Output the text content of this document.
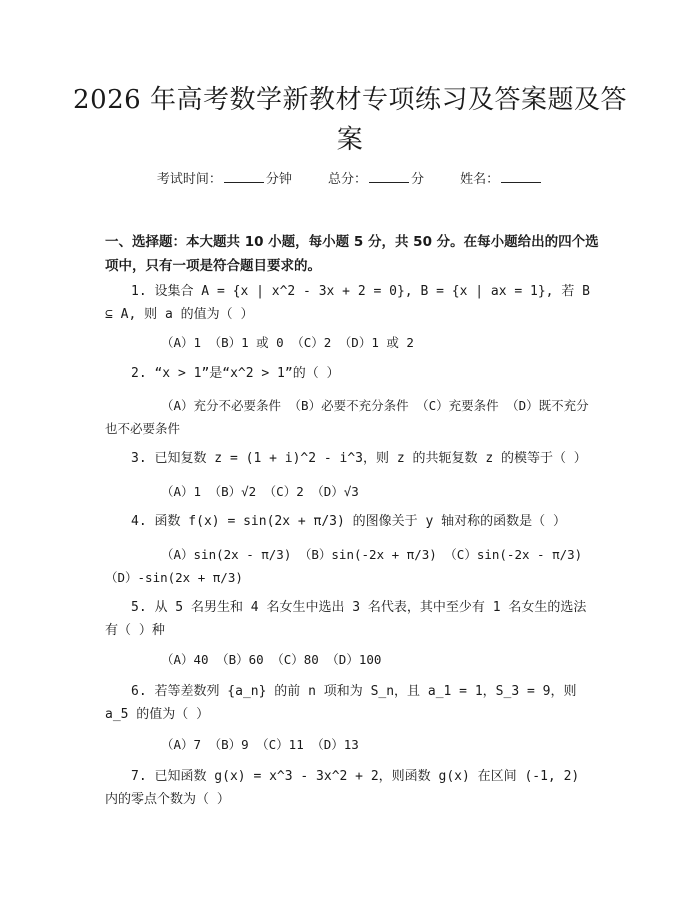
2026 年高考数学新教材专项练习及答案题及答案
考试时间：	分钟	总分：	分	姓名：
一、选择题：本大题共 10 小题，每小题 5 分，共 50 分。在每小题给出的四个选项中，只有一项是符合题目要求的。
1. 设集合 A = {x | x^2 - 3x + 2 = 0}, B = {x | ax = 1}, 若 B ⊆ A, 则 a 的值为（ ）
（A）1 （B）1 或 0 （C）2 （D）1 或 2
2. “x > 1”是“x^2 > 1”的（ ）
（A）充分不必要条件 （B）必要不充分条件 （C）充要条件 （D）既不充分也不必要条件
3. 已知复数 z = (1 + i)^2 - i^3，则 z 的共轭复数 z 的模等于（ ）
（A）1 （B）√2 （C）2 （D）√3
4. 函数 f(x) = sin(2x + π/3) 的图像关于 y 轴对称的函数是（ ）
（A）sin(2x - π/3) （B）sin(-2x + π/3) （C）sin(-2x - π/3) （D）-sin(2x + π/3)
5. 从 5 名男生和 4 名女生中选出 3 名代表，其中至少有 1 名女生的选法有（ ）种
（A）40 （B）60 （C）80 （D）100
6. 若等差数列 {a_n} 的前 n 项和为 S_n，且 a_1 = 1，S_3 = 9，则 a_5 的值为（ ）
（A）7 （B）9 （C）11 （D）13
7. 已知函数 g(x) = x^3 - 3x^2 + 2，则函数 g(x) 在区间 (-1, 2) 内的零点个数为（ ）
